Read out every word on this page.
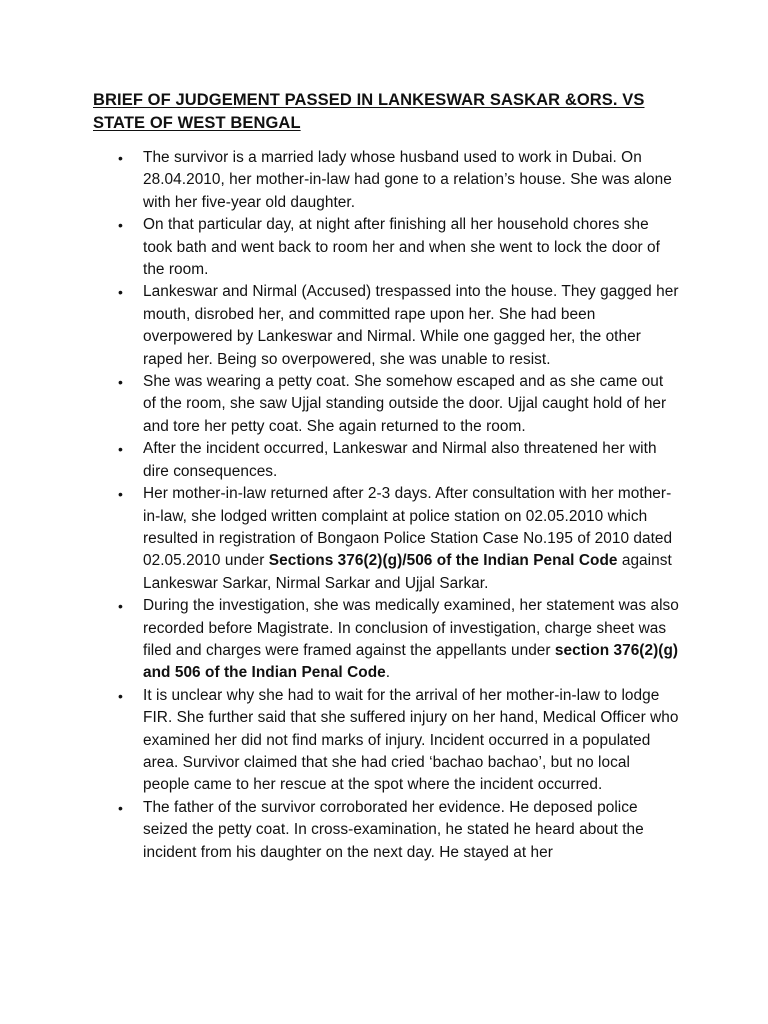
BRIEF OF JUDGEMENT PASSED IN LANKESWAR SASKAR &ORS. VS
STATE OF WEST BENGAL
• The survivor is a married lady whose husband used to work in Dubai. On 28.04.2010, her mother-in-law had gone to a relation’s house. She was alone with her five-year old daughter.
• On that particular day, at night after finishing all her household chores she took bath and went back to room her and when she went to lock the door of the room.
• Lankeswar and Nirmal (Accused) trespassed into the house. They gagged her mouth, disrobed her, and committed rape upon her. She had been overpowered by Lankeswar and Nirmal. While one gagged her, the other raped her. Being so overpowered, she was unable to resist.
• She was wearing a petty coat. She somehow escaped and as she came out of the room, she saw Ujjal standing outside the door. Ujjal caught hold of her and tore her petty coat. She again returned to the room.
• After the incident occurred, Lankeswar and Nirmal also threatened her with dire consequences.
• Her mother-in-law returned after 2-3 days. After consultation with her mother-in-law, she lodged written complaint at police station on 02.05.2010 which resulted in registration of Bongaon Police Station Case No.195 of 2010 dated 02.05.2010 under Sections 376(2)(g)/506 of the Indian Penal Code against Lankeswar Sarkar, Nirmal Sarkar and Ujjal Sarkar.
• During the investigation, she was medically examined, her statement was also recorded before Magistrate. In conclusion of investigation, charge sheet was filed and charges were framed against the appellants under section 376(2)(g) and 506 of the Indian Penal Code.
• It is unclear why she had to wait for the arrival of her mother-in-law to lodge FIR. She further said that she suffered injury on her hand, Medical Officer who examined her did not find marks of injury. Incident occurred in a populated area. Survivor claimed that she had cried ‘bachao bachao’, but no local people came to her rescue at the spot where the incident occurred.
• The father of the survivor corroborated her evidence. He deposed police seized the petty coat. In cross-examination, he stated he heard about the incident from his daughter on the next day. He stayed at her
